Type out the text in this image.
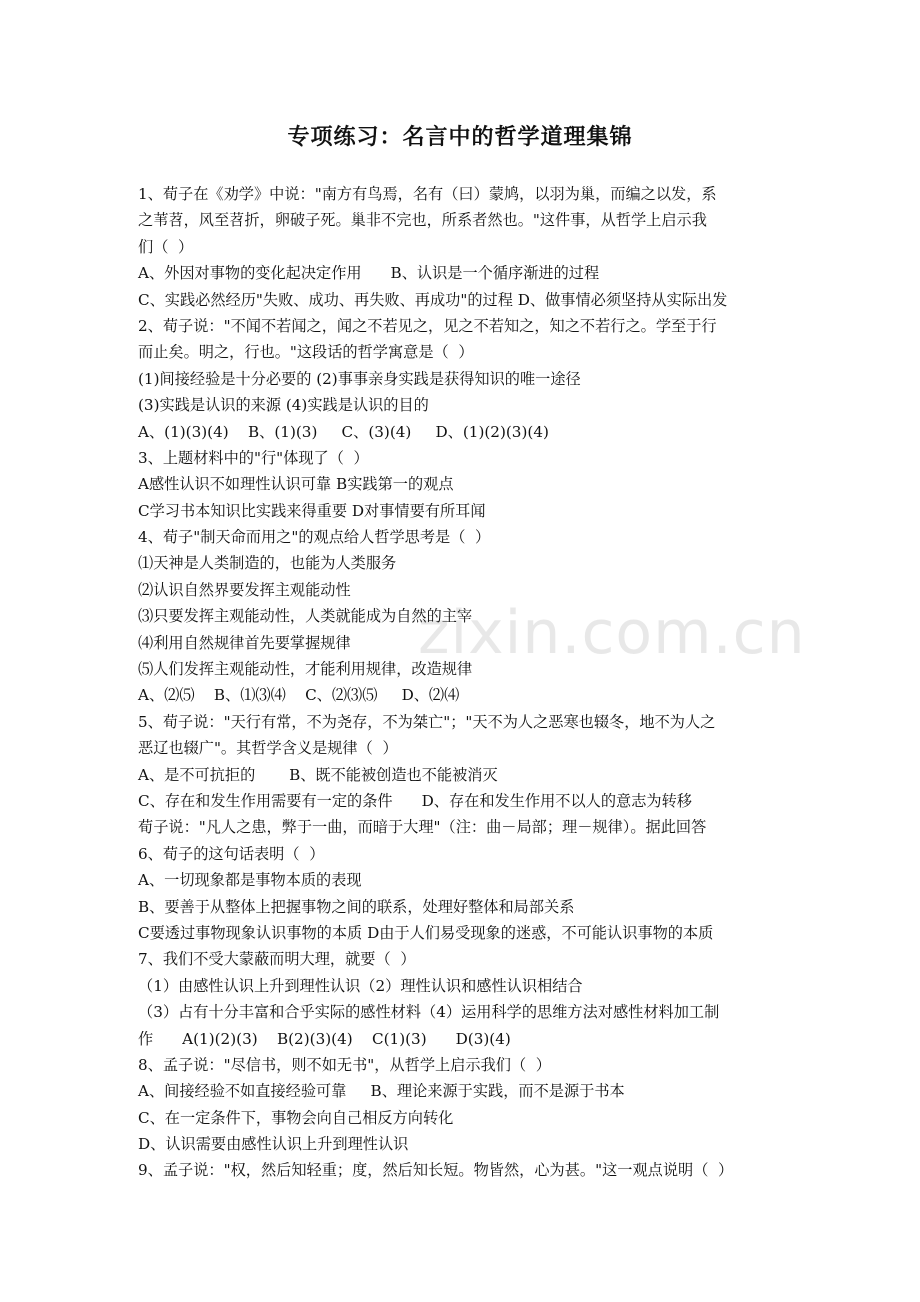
专项练习：名言中的哲学道理集锦
zixin.com.cn
1、荀子在《劝学》中说："南方有鸟焉，名有（曰）蒙鸠，以羽为巢，而编之以发，系
之苇苕，风至苕折，卵破子死。巢非不完也，所系者然也。"这件事，从哲学上启示我
们（  ）
A、外因对事物的变化起决定作用      B、认识是一个循序渐进的过程
C、实践必然经历"失败、成功、再失败、再成功"的过程 D、做事情必须坚持从实际出发
2、荀子说："不闻不若闻之，闻之不若见之，见之不若知之，知之不若行之。学至于行
而止矣。明之，行也。"这段话的哲学寓意是（  ）
(1)间接经验是十分必要的 (2)事事亲身实践是获得知识的唯一途径
(3)实践是认识的来源 (4)实践是认识的目的
A、(1)(3)(4)    B、(1)(3)     C、(3)(4)     D、(1)(2)(3)(4)
3、上题材料中的"行"体现了（  ）
A感性认识不如理性认识可靠 B实践第一的观点
C学习书本知识比实践来得重要 D对事情要有所耳闻
4、荀子"制天命而用之"的观点给人哲学思考是（  ）
⑴天神是人类制造的，也能为人类服务
⑵认识自然界要发挥主观能动性
⑶只要发挥主观能动性，人类就能成为自然的主宰
⑷利用自然规律首先要掌握规律
⑸人们发挥主观能动性，才能利用规律，改造规律
A、⑵⑸    B、⑴⑶⑷    C、⑵⑶⑸     D、⑵⑷
5、荀子说："天行有常，不为尧存，不为桀亡"；"天不为人之恶寒也辍冬，地不为人之
恶辽也辍广"。其哲学含义是规律（  ）
A、是不可抗拒的       B、既不能被创造也不能被消灭
C、存在和发生作用需要有一定的条件      D、存在和发生作用不以人的意志为转移
荀子说："凡人之患，弊于一曲，而暗于大理"（注：曲－局部；理－规律）。据此回答
6、荀子的这句话表明（  ）
A、一切现象都是事物本质的表现
B、要善于从整体上把握事物之间的联系，处理好整体和局部关系
C要透过事物现象认识事物的本质 D由于人们易受现象的迷惑，不可能认识事物的本质
7、我们不受大蒙蔽而明大理，就要（  ）
（1）由感性认识上升到理性认识（2）理性认识和感性认识相结合
（3）占有十分丰富和合乎实际的感性材料（4）运用科学的思维方法对感性材料加工制
作      A(1)(2)(3)    B(2)(3)(4)    C(1)(3)      D(3)(4)
8、孟子说："尽信书，则不如无书"，从哲学上启示我们（  ）
A、间接经验不如直接经验可靠     B、理论来源于实践，而不是源于书本
C、在一定条件下，事物会向自己相反方向转化
D、认识需要由感性认识上升到理性认识
9、孟子说："权，然后知轻重；度，然后知长短。物皆然，心为甚。"这一观点说明（  ）
